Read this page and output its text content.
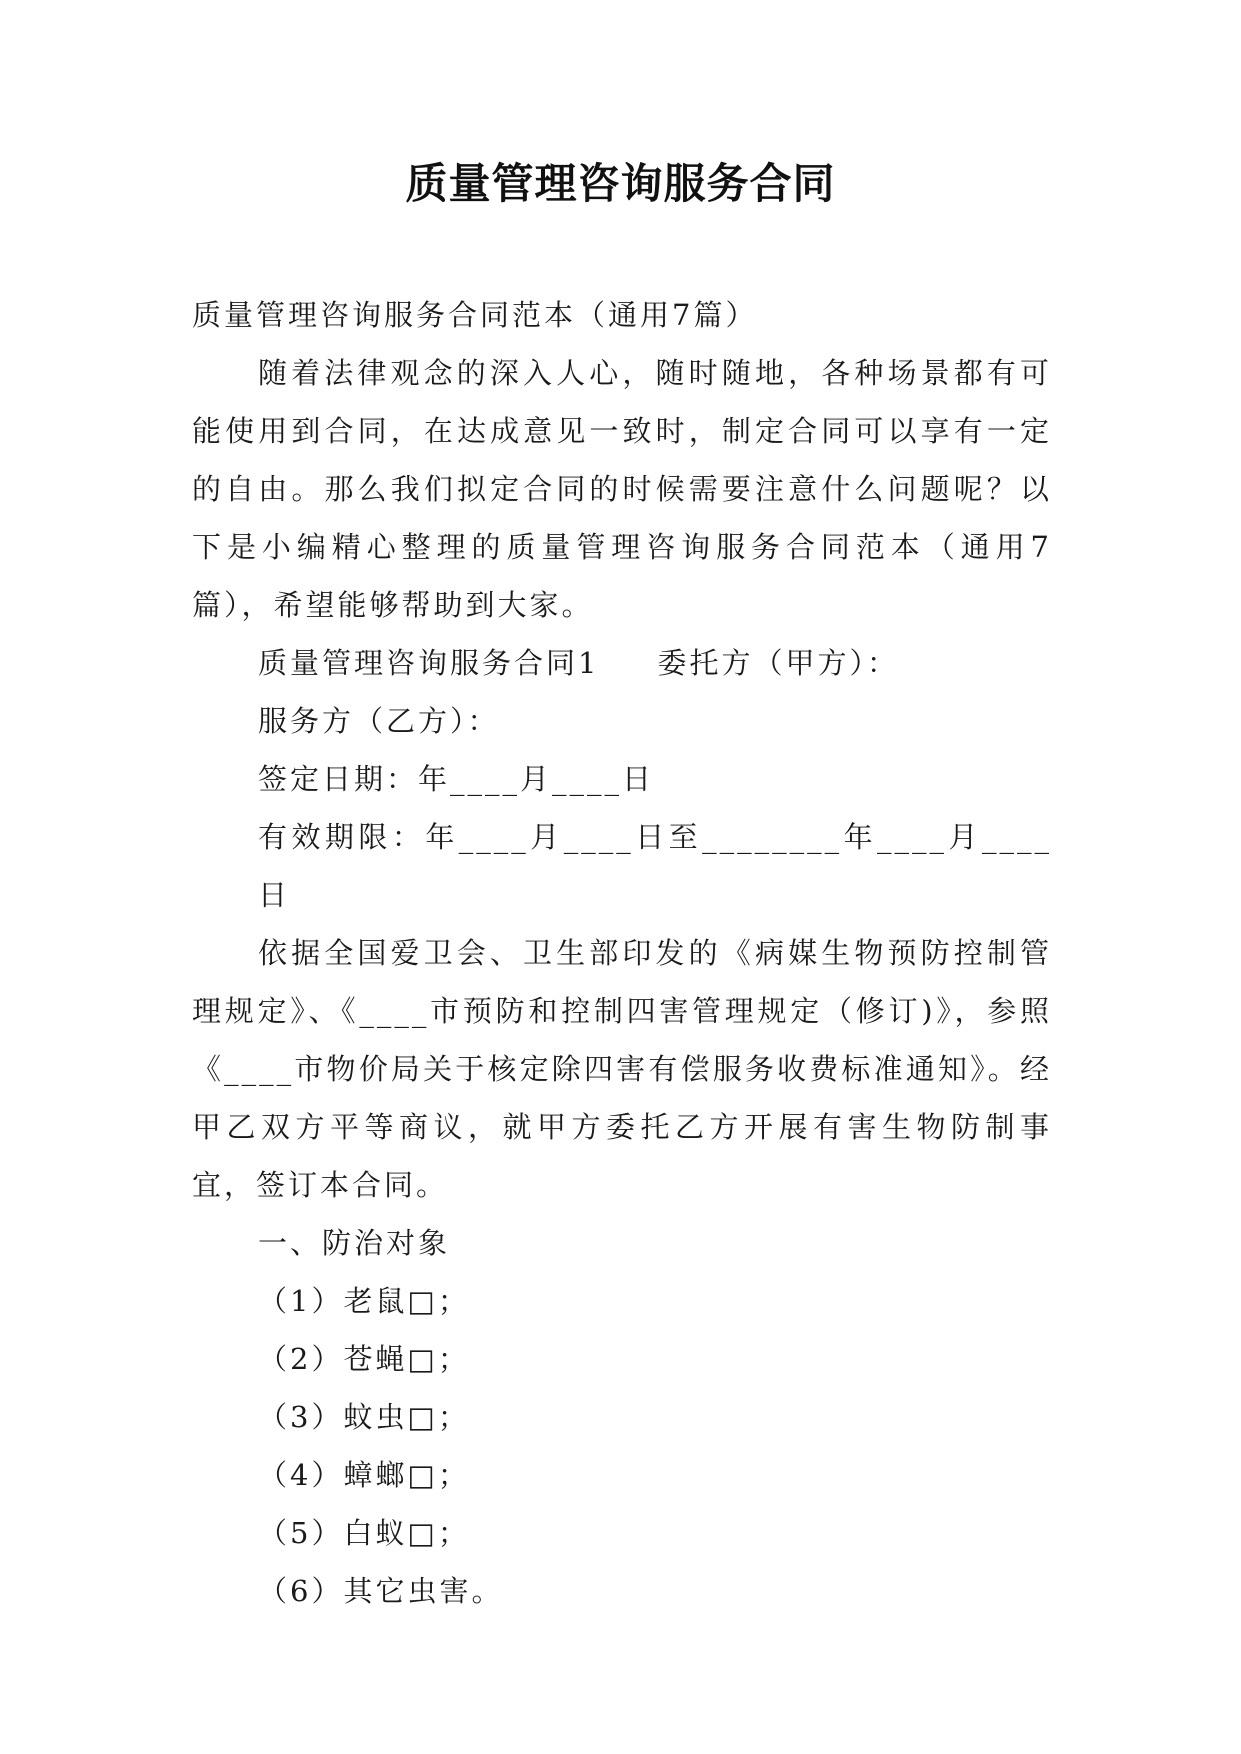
质量管理咨询服务合同

质量管理咨询服务合同范本（通用7篇）

随着法律观念的深入人心，随时随地，各种场景都有可能使用到合同，在达成意见一致时，制定合同可以享有一定的自由。那么我们拟定合同的时候需要注意什么问题呢？以下是小编精心整理的质量管理咨询服务合同范本（通用7篇），希望能够帮助到大家。

质量管理咨询服务合同1 委托方（甲方）：

服务方（乙方）：

签定日期：年____月____日

有效期限：年____月____日至________年____月____日

依据全国爱卫会、卫生部印发的《病媒生物预防控制管理规定》、《____市预防和控制四害管理规定（修订)》，参照《____市物价局关于核定除四害有偿服务收费标准通知》。经甲乙双方平等商议，就甲方委托乙方开展有害生物防制事宜，签订本合同。

一、防治对象

（1）老鼠□；

（2）苍蝇□；

（3）蚊虫□；

（4）蟑螂□；

（5）白蚁□；

（6）其它虫害。
